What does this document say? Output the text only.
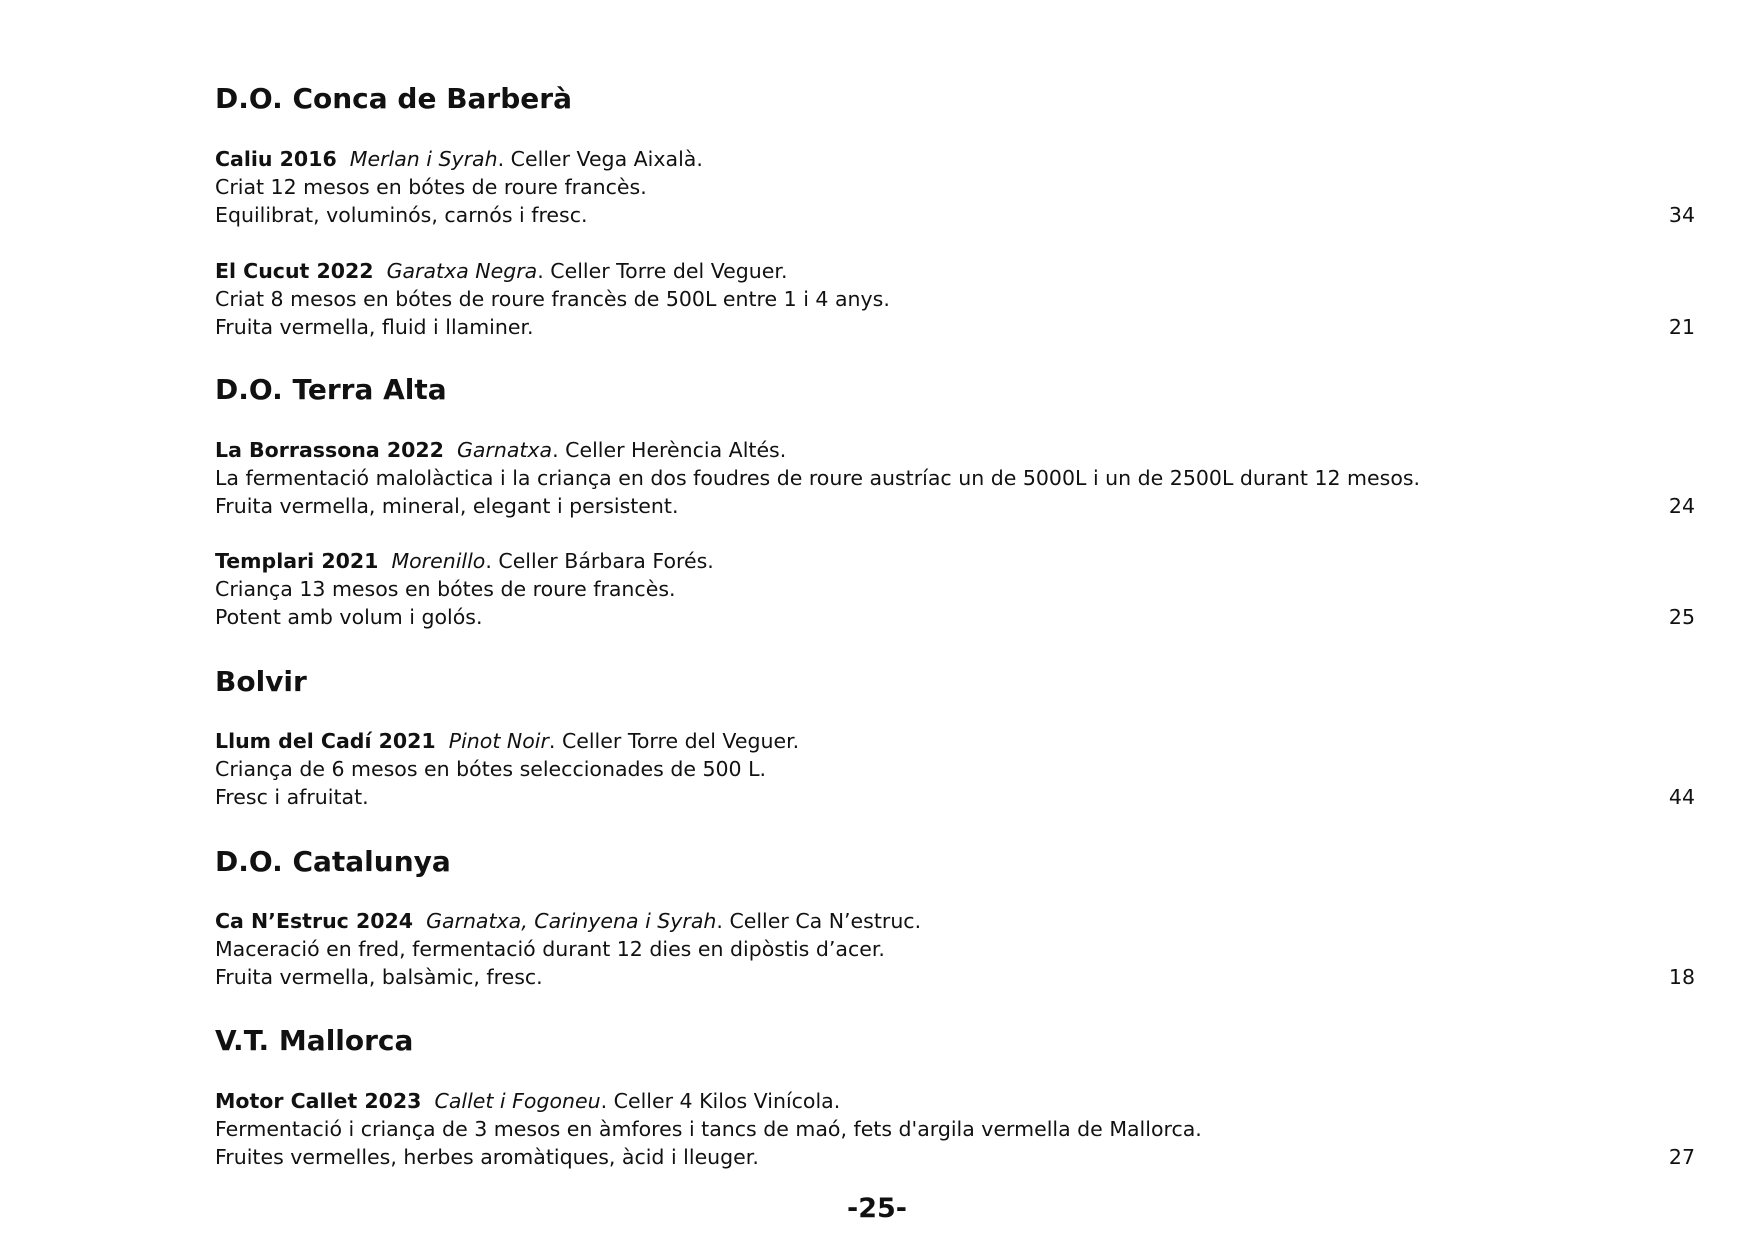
D.O. Conca de Barberà
Caliu 2016 Merlan i Syrah. Celler Vega Aixalà.
Criat 12 mesos en bótes de roure francès.
Equilibrat, voluminós, carnós i fresc.	34
El Cucut 2022 Garatxa Negra. Celler Torre del Veguer.
Criat 8 mesos en bótes de roure francès de 500L entre 1 i 4 anys.
Fruita vermella, fluid i llaminer.	21
D.O. Terra Alta
La Borrassona 2022 Garnatxa. Celler Herència Altés.
La fermentació malolàctica i la criança en dos foudres de roure austríac un de 5000L i un de 2500L durant 12 mesos.
Fruita vermella, mineral, elegant i persistent.	24
Templari 2021 Morenillo. Celler Bárbara Forés.
Criança 13 mesos en bótes de roure francès.
Potent amb volum i golós.	25
Bolvir
Llum del Cadí 2021 Pinot Noir. Celler Torre del Veguer.
Criança de 6 mesos en bótes seleccionades de 500 L.
Fresc i afruitat.	44
D.O. Catalunya
Ca N’Estruc 2024 Garnatxa, Carinyena i Syrah. Celler Ca N’estruc.
Maceració en fred, fermentació durant 12 dies en dipòstis d’acer.
Fruita vermella, balsàmic, fresc.	18
V.T. Mallorca
Motor Callet 2023 Callet i Fogoneu. Celler 4 Kilos Vinícola.
Fermentació i criança de 3 mesos en àmfores i tancs de maó, fets d'argila vermella de Mallorca.
Fruites vermelles, herbes aromàtiques, àcid i lleuger.	27
-25-
